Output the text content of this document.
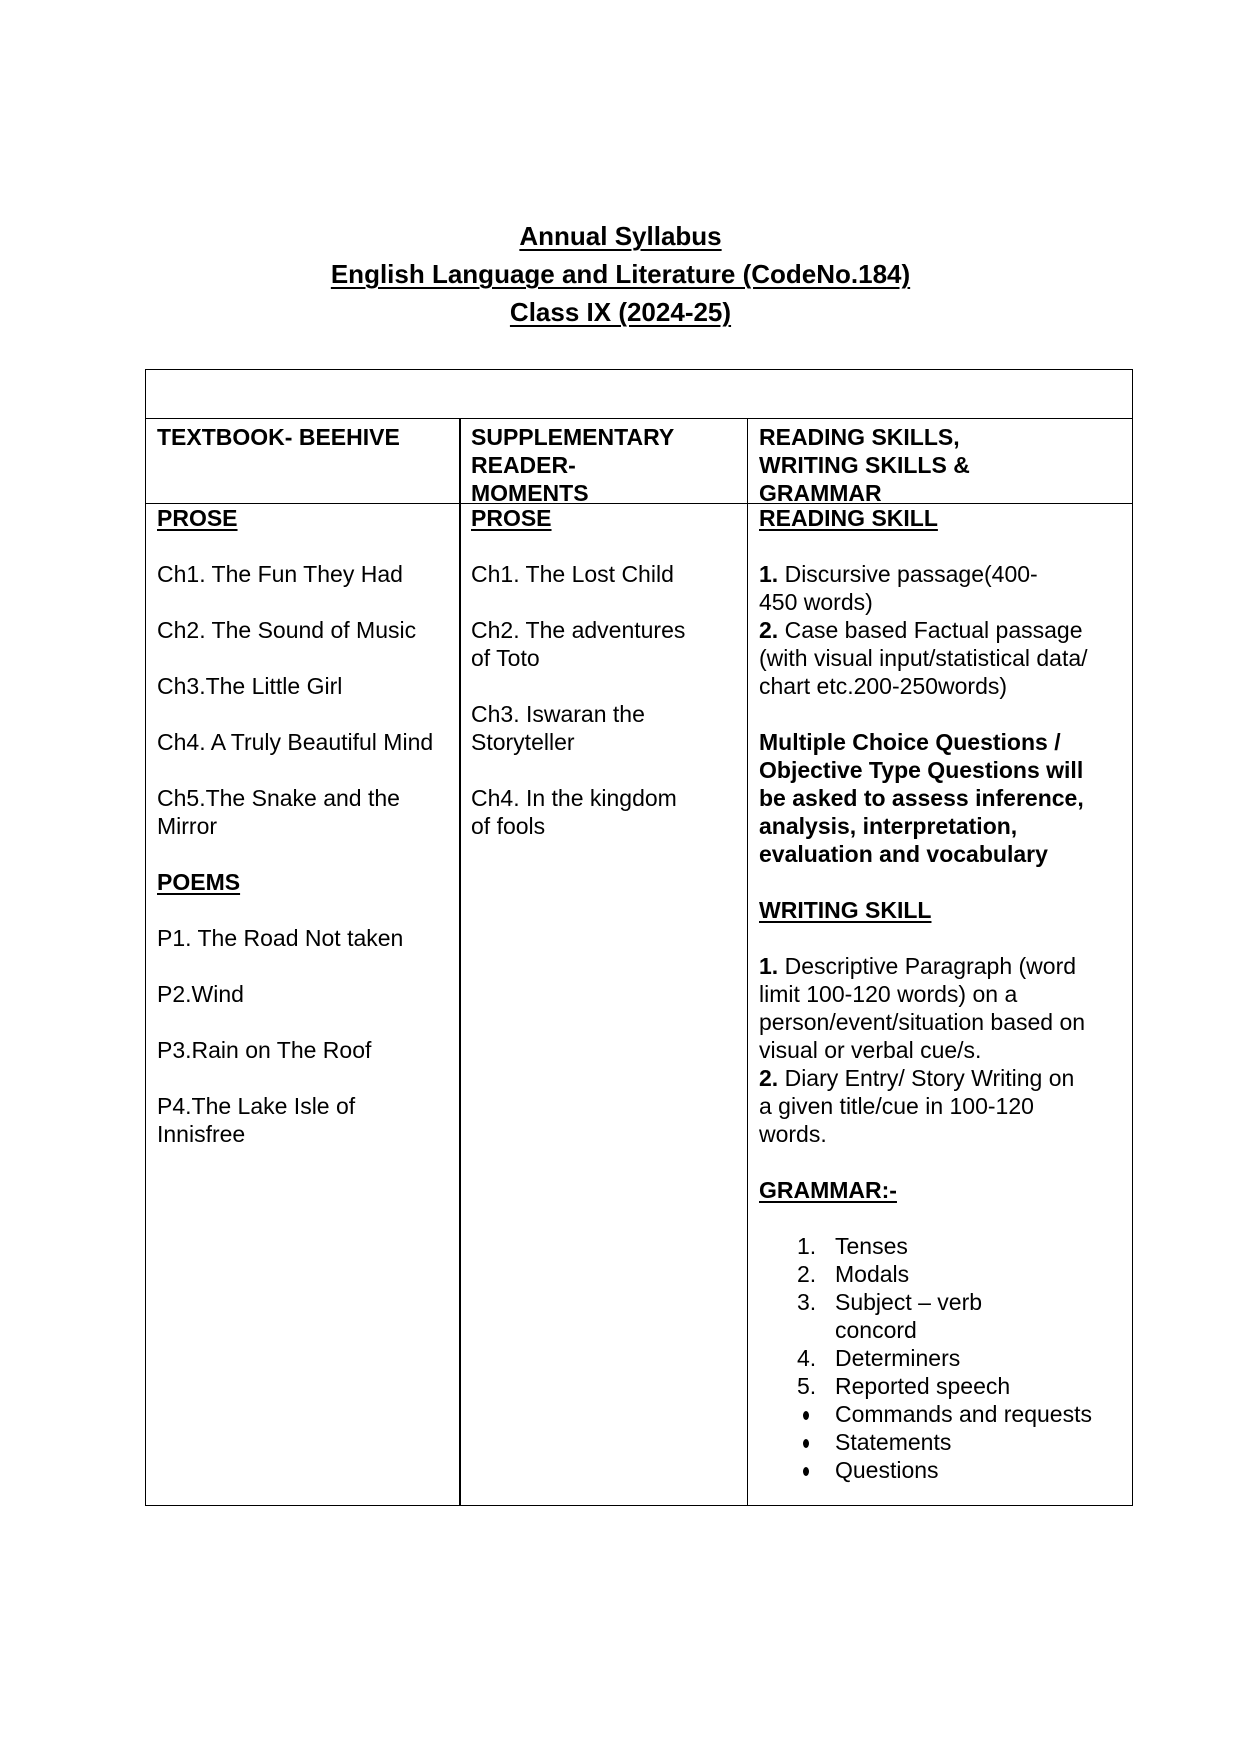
Annual Syllabus
English Language and Literature (CodeNo.184)
Class IX (2024-25)
TEXTBOOK- BEEHIVE	SUPPLEMENTARY
READER-
MOMENTS
READING SKILLS,
WRITING SKILLS &
GRAMMAR
PROSE
Ch1. The Fun They Had
Ch2. The Sound of Music
Ch3.The Little Girl
Ch4. A Truly Beautiful Mind
Ch5.The Snake and the
Mirror
POEMS
P1. The Road Not taken
P2.Wind
P3.Rain on The Roof
P4.The Lake Isle of
Innisfree
PROSE
Ch1. The Lost Child
Ch2. The adventures
of Toto
Ch3. Iswaran the
Storyteller
Ch4. In the kingdom
of fools
READING SKILL
1. Discursive passage(400-
450 words)
2. Case based Factual passage
(with visual input/statistical data/
chart etc.200-250words)
Multiple Choice Questions /
Objective Type Questions will
be asked to assess inference,
analysis, interpretation,
evaluation and vocabulary
WRITING SKILL
1. Descriptive Paragraph (word
limit 100-120 words) on a
person/event/situation based on
visual or verbal cue/s.
2. Diary Entry/ Story Writing on
a given title/cue in 100-120
words.
GRAMMAR:-
1. Tenses
2. Modals
3. Subject – verb
concord
4. Determiners
5. Reported speech
Commands and requests
Statements
Questions
